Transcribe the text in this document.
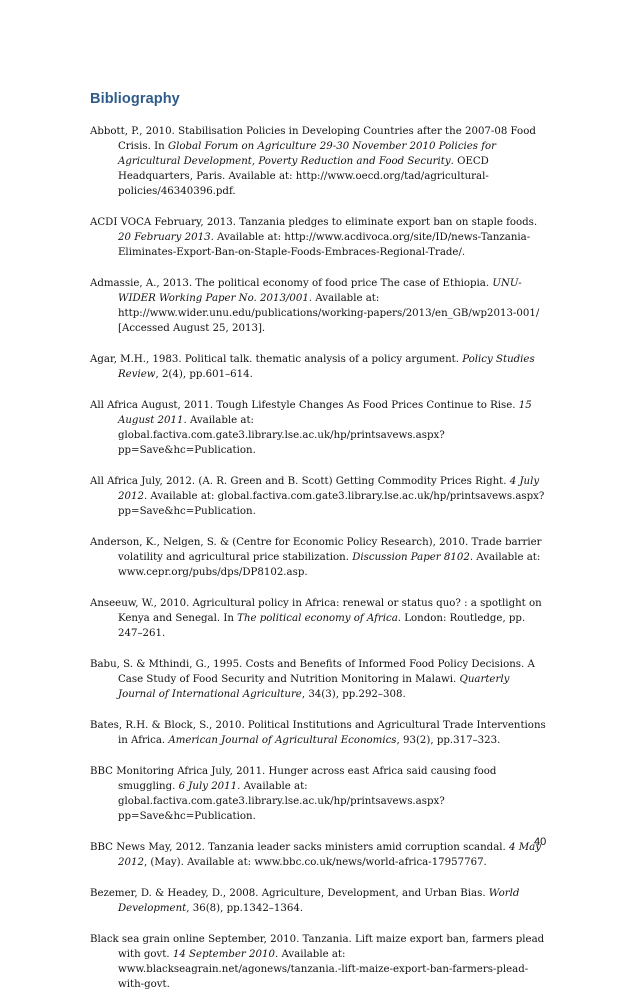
Bibliography
Abbott, P., 2010. Stabilisation Policies in Developing Countries after the 2007-08 Food Crisis. In Global Forum on Agriculture 29-30 November 2010 Policies for Agricultural Development, Poverty Reduction and Food Security. OECD Headquarters, Paris. Available at: http://www.oecd.org/tad/agricultural-policies/46340396.pdf.
ACDI VOCA February, 2013. Tanzania pledges to eliminate export ban on staple foods. 20 February 2013. Available at: http://www.acdivoca.org/site/ID/news-Tanzania-Eliminates-Export-Ban-on-Staple-Foods-Embraces-Regional-Trade/.
Admassie, A., 2013. The political economy of food price The case of Ethiopia. UNU-WIDER Working Paper No. 2013/001. Available at: http://www.wider.unu.edu/publications/working-papers/2013/en_GB/wp2013-001/ [Accessed August 25, 2013].
Agar, M.H., 1983. Political talk. thematic analysis of a policy argument. Policy Studies Review, 2(4), pp.601–614.
All Africa August, 2011. Tough Lifestyle Changes As Food Prices Continue to Rise. 15 August 2011. Available at: global.factiva.com.gate3.library.lse.ac.uk/hp/printsavews.aspx?pp=Save&hc=Publication.
All Africa July, 2012. (A. R. Green and B. Scott) Getting Commodity Prices Right. 4 July 2012. Available at: global.factiva.com.gate3.library.lse.ac.uk/hp/printsavews.aspx?pp=Save&hc=Publication.
Anderson, K., Nelgen, S. & (Centre for Economic Policy Research), 2010. Trade barrier volatility and agricultural price stabilization. Discussion Paper 8102. Available at: www.cepr.org/pubs/dps/DP8102.asp.
Anseeuw, W., 2010. Agricultural policy in Africa: renewal or status quo? : a spotlight on Kenya and Senegal. In The political economy of Africa. London: Routledge, pp. 247–261.
Babu, S. & Mthindi, G., 1995. Costs and Benefits of Informed Food Policy Decisions. A Case Study of Food Security and Nutrition Monitoring in Malawi. Quarterly Journal of International Agriculture, 34(3), pp.292–308.
Bates, R.H. & Block, S., 2010. Political Institutions and Agricultural Trade Interventions in Africa. American Journal of Agricultural Economics, 93(2), pp.317–323.
BBC Monitoring Africa July, 2011. Hunger across east Africa said causing food smuggling. 6 July 2011. Available at: global.factiva.com.gate3.library.lse.ac.uk/hp/printsavews.aspx?pp=Save&hc=Publication.
BBC News May, 2012. Tanzania leader sacks ministers amid corruption scandal. 4 May 2012, (May). Available at: www.bbc.co.uk/news/world-africa-17957767.
Bezemer, D. & Headey, D., 2008. Agriculture, Development, and Urban Bias. World Development, 36(8), pp.1342–1364.
Black sea grain online September, 2010. Tanzania. Lift maize export ban, farmers plead with govt. 14 September 2010. Available at: www.blackseagrain.net/agonews/tanzania.-lift-maize-export-ban-farmers-plead-with-govt.
40
